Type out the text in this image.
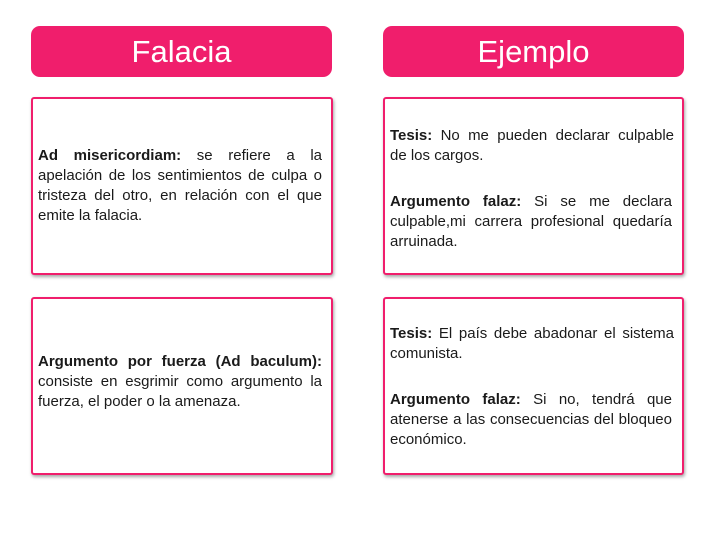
Falacia	Ejemplo
Ad misericordiam: se refiere a la apelación de los sentimientos de culpa o tristeza del otro, en relación con el que emite la falacia.
Tesis: No me pueden declarar culpable de los cargos.
Argumento falaz: Si se me declara culpable,mi carrera profesional quedaría arruinada.
Argumento por fuerza (Ad baculum): consiste en esgrimir como argumento la fuerza, el poder o la amenaza.
Tesis: El país debe abadonar el sistema comunista.
Argumento falaz: Si no, tendrá que atenerse a las consecuencias del bloqueo económico.
